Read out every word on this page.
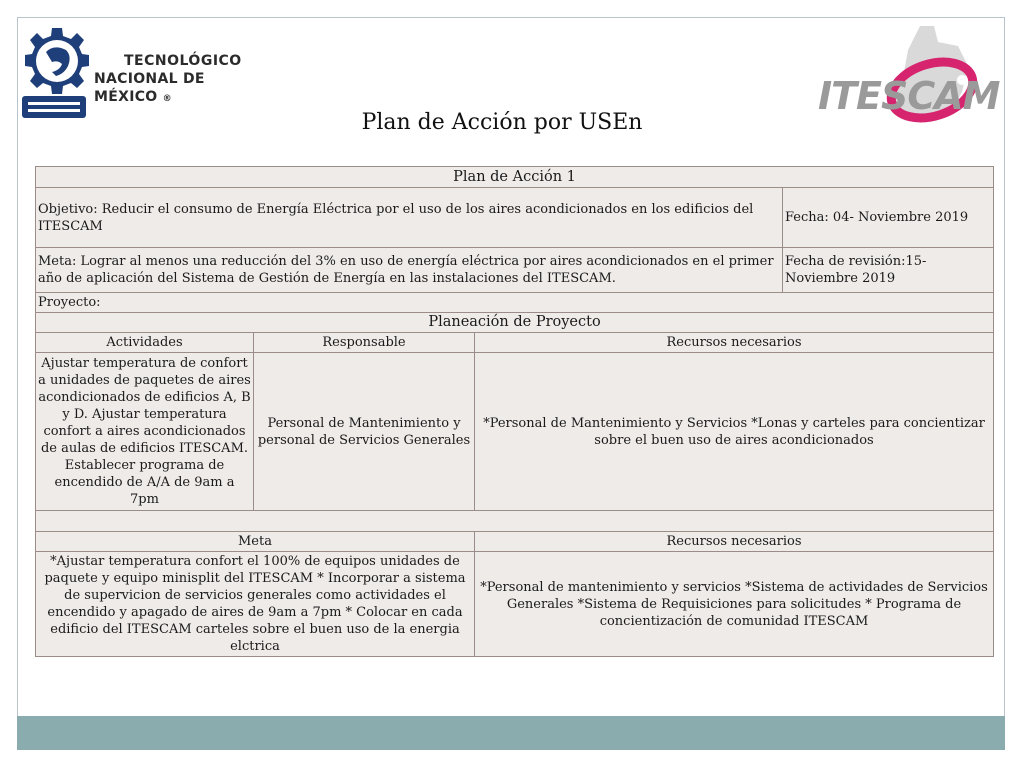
TECNOLÓGICO
NACIONAL DE MÉXICO ®	ITESCAM
Plan de Acción por USEn
Plan de Acción 1			
Objetivo: Reducir el consumo de Energía Eléctrica por el uso de los aires acondicionados en los edificios del ITESCAM			Fecha: 04- Noviembre 2019
Meta: Lograr al menos una reducción del 3% en uso de energía eléctrica por aires acondicionados en el primer año de aplicación del Sistema de Gestión de Energía en las instalaciones del ITESCAM.			Fecha de revisión:15- Noviembre 2019
Proyecto:			
Planeación de Proyecto			
Actividades	Responsable	Recursos necesarios	
Ajustar temperatura de confort a unidades de paquetes de aires acondicionados de edificios A, B y D. Ajustar temperatura confort a aires acondicionados de aulas de edificios ITESCAM. Establecer programa de encendido de A/A de 9am a 7pm	Personal de Mantenimiento y personal de Servicios Generales	*Personal de Mantenimiento y Servicios *Lonas y carteles para concientizar sobre el buen uso de aires acondicionados	

Meta		Recursos necesarios	
*Ajustar temperatura confort el 100% de equipos unidades de paquete y equipo minisplit del ITESCAM * Incorporar a sistema de supervicion de servicios generales como actividades el encendido y apagado de aires de 9am a 7pm * Colocar en cada edificio del ITESCAM carteles sobre el buen uso de la energia elctrica		*Personal de mantenimiento y servicios *Sistema de actividades de Servicios Generales *Sistema de Requisiciones para solicitudes * Programa de concientización de comunidad ITESCAM	
